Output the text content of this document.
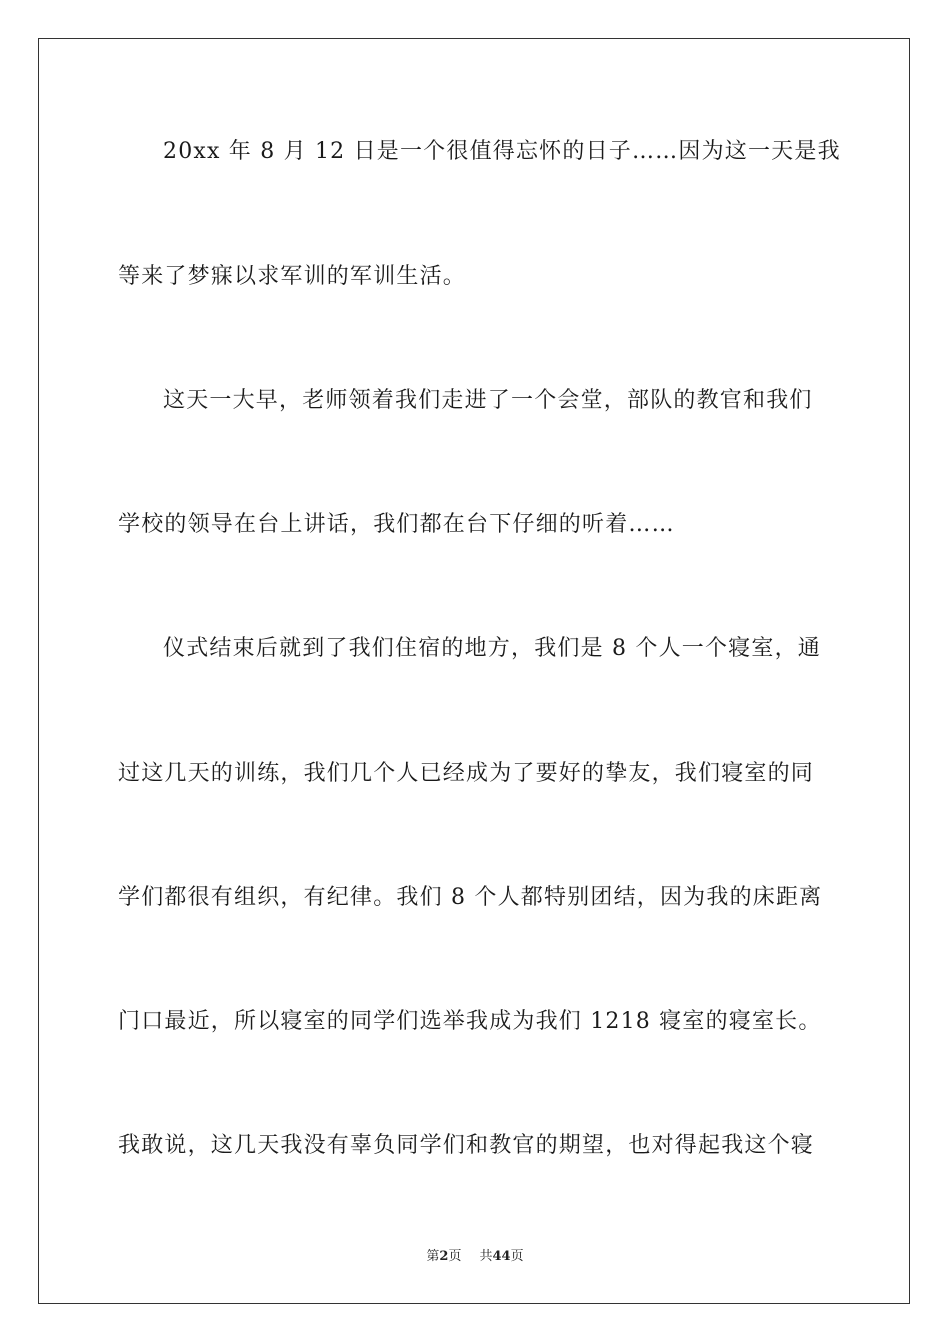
20xx 年 8 月 12 日是一个很值得忘怀的日子……因为这一天是我
等来了梦寐以求军训的军训生活。
这天一大早，老师领着我们走进了一个会堂，部队的教官和我们
学校的领导在台上讲话，我们都在台下仔细的听着……
仪式结束后就到了我们住宿的地方，我们是 8 个人一个寝室，通
过这几天的训练，我们几个人已经成为了要好的挚友，我们寝室的同
学们都很有组织，有纪律。我们 8 个人都特别团结，因为我的床距离
门口最近，所以寝室的同学们选举我成为我们 1218 寝室的寝室长。
我敢说，这几天我没有辜负同学们和教官的期望，也对得起我这个寝
第2页 共44页
